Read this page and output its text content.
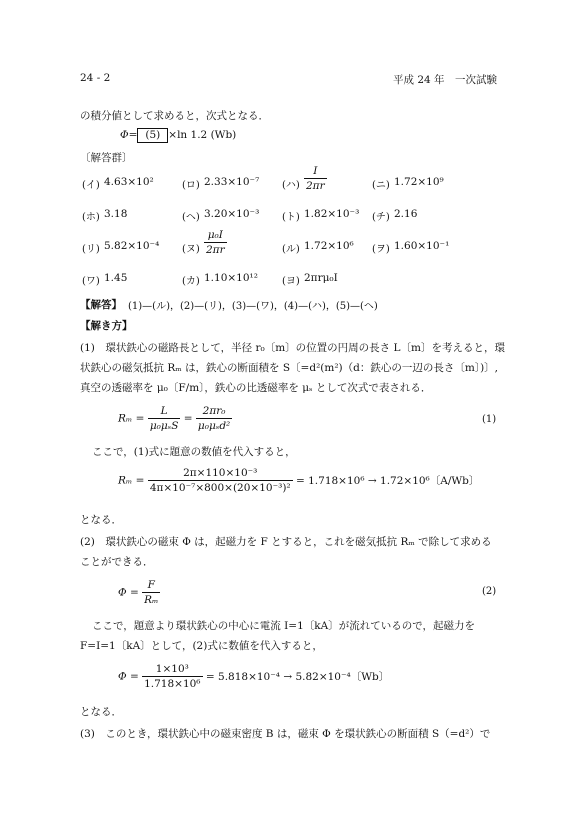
24 - 2	平成 24 年　一次試験
の積分値として求めると，次式となる．
Φ= (5) ×ln 1.2 (Wb)
〔解答群〕
(イ) 4.63×10²	(ロ) 2.33×10⁻⁷ (ハ) $\frac{I}{2\pi r}$	(ニ) 1.72×10⁹
(ホ) 3.18	(ヘ) 3.20×10⁻³ (ト) 1.82×10⁻³ (チ) 2.16
(リ) 5.82×10⁻⁴ (ヌ) $\frac{\text{μ₀I}}{2\pi r}$	(ル) 1.72×10⁶ (ヲ) 1.60×10⁻¹
(ワ) 1.45	(カ) 1.10×10¹² (ヨ) 2πrμ₀I
【解答】 (1)—(ル)，(2)—(リ)，(3)—(ワ)，(4)—(ハ)，(5)—(ヘ)
【解き方】
(1)　環状鉄心の磁路長として，半径 r₀〔m〕の位置の円周の長さ L〔m〕を考えると，環
状鉄心の磁気抵抗 Rₘ は，鉄心の断面積を S〔=d²(m²)（d：鉄心の一辺の長さ〔m〕)〕,
真空の透磁率を μ₀〔F/m〕，鉄心の比透磁率を μₛ として次式で表される．
$R_m = \frac{L}{\text{μ₀μₛS}} = \frac{\text{2πr₀}}{\text{μ₀μₛd²}}$	(1)
ここで，(1)式に題意の数値を代入すると，
$R_m = \frac{\text{2π×110×10⁻³}}{\text{4π×10⁻⁷×800×(20×10⁻³)²}} = 1.718\times 10^6 \to 1.72\times 10^6$〔A/Wb〕
となる．
(2)　環状鉄心の磁束 Φ は，起磁力を F とすると，これを磁気抵抗 Rₘ で除して求める
ことができる．
$\Phi = \frac{F}{\text{Rₘ}}$	(2)
ここで，題意より環状鉄心の中心に電流 I=1〔kA〕が流れているので，起磁力を
F=I=1〔kA〕として，(2)式に数値を代入すると，
$\Phi = \frac{\text{1×10³}}{\text{1.718×10⁶}} = 5.818\times 10^{-4} \to 5.82\times 10^{-4}$〔Wb〕
となる．
(3)　このとき，環状鉄心中の磁束密度 B は，磁束 Φ を環状鉄心の断面積 S（=d²）で
